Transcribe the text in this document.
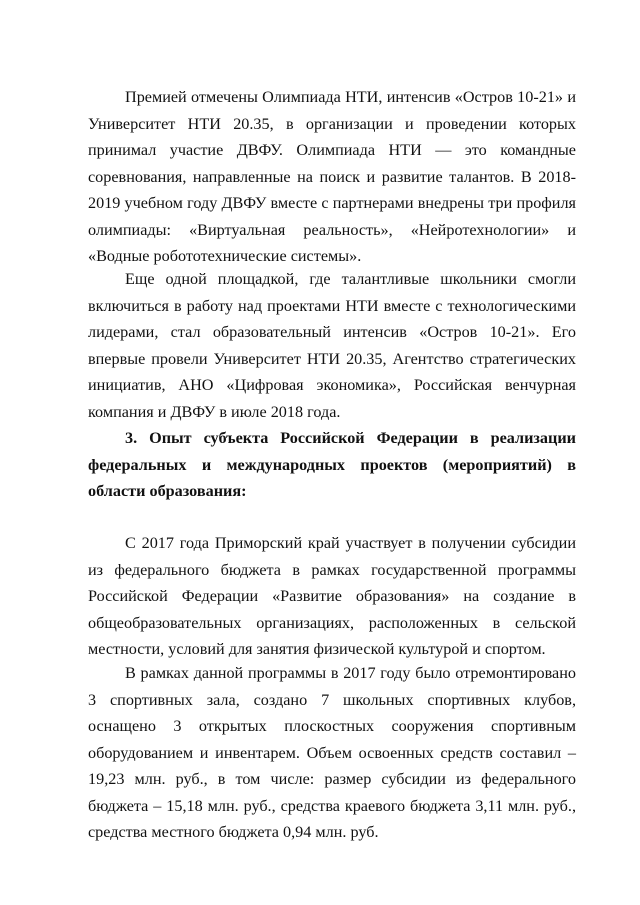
Премией отмечены Олимпиада НТИ, интенсив «Остров 10-21» и Университет НТИ 20.35, в организации и проведении которых принимал участие ДВФУ. Олимпиада НТИ — это командные соревнования, направленные на поиск и развитие талантов. В 2018-2019 учебном году ДВФУ вместе с партнерами внедрены три профиля олимпиады: «Виртуальная реальность», «Нейротехнологии» и «Водные робототехнические системы».

Еще одной площадкой, где талантливые школьники смогли включиться в работу над проектами НТИ вместе с технологическими лидерами, стал образовательный интенсив «Остров 10-21». Его впервые провели Университет НТИ 20.35, Агентство стратегических инициатив, АНО «Цифровая экономика», Российская венчурная компания и ДВФУ в июле 2018 года.

3. Опыт субъекта Российской Федерации в реализации федеральных и международных проектов (мероприятий) в области образования:

С 2017 года Приморский край участвует в получении субсидии из федерального бюджета в рамках государственной программы Российской Федерации «Развитие образования» на создание в общеобразовательных организациях, расположенных в сельской местности, условий для занятия физической культурой и спортом.

В рамках данной программы в 2017 году было отремонтировано 3 спортивных зала, создано 7 школьных спортивных клубов, оснащено 3 открытых плоскостных сооружения спортивным оборудованием и инвентарем. Объем освоенных средств составил – 19,23 млн. руб., в том числе: размер субсидии из федерального бюджета – 15,18 млн. руб., средства краевого бюджета 3,11 млн. руб., средства местного бюджета 0,94 млн. руб.
